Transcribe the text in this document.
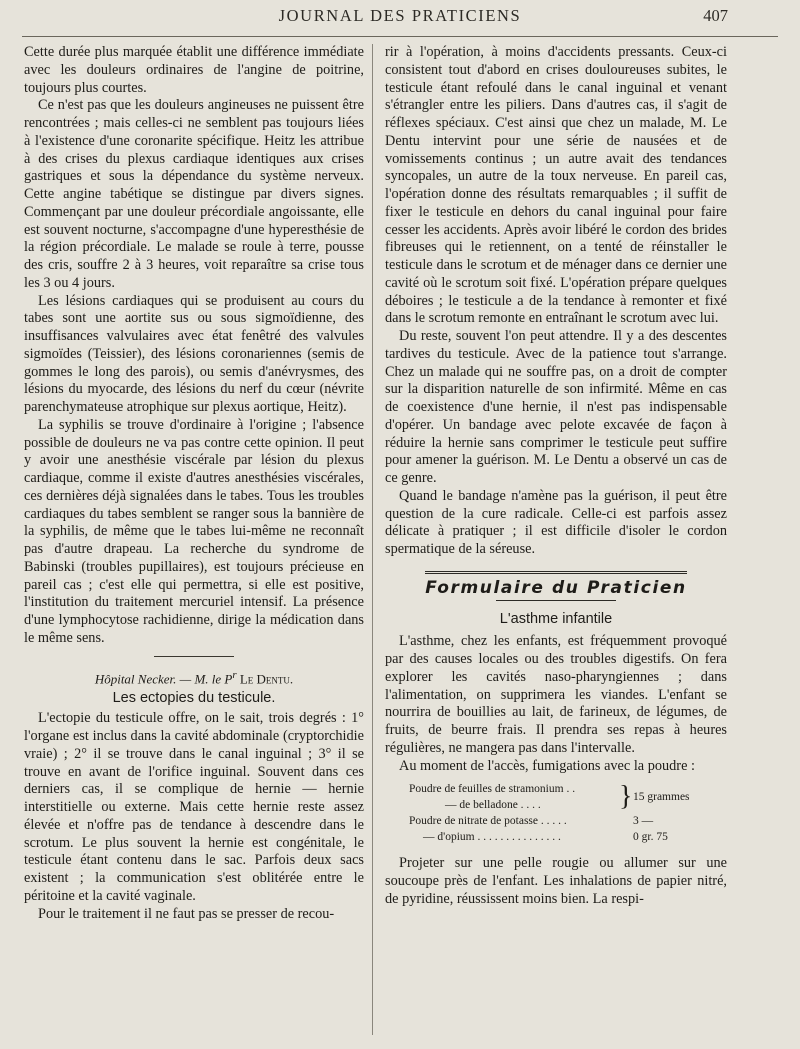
JOURNAL DES PRATICIENS	407

Cette durée plus marquée établit une différence immédiate avec les douleurs ordinaires de l'angine de poitrine, toujours plus courtes.

Ce n'est pas que les douleurs angineuses ne puissent être rencontrées ; mais celles-ci ne semblent pas toujours liées à l'existence d'une coronarite spécifique. Heitz les attribue à des crises du plexus cardiaque identiques aux crises gastriques et sous la dépendance du système nerveux. Cette angine tabétique se distingue par divers signes. Commençant par une douleur précordiale angoissante, elle est souvent nocturne, s'accompagne d'une hyperesthésie de la région précordiale. Le malade se roule à terre, pousse des cris, souffre 2 à 3 heures, voit reparaître sa crise tous les 3 ou 4 jours.

Les lésions cardiaques qui se produisent au cours du tabes sont une aortite sus ou sous sigmoïdienne, des insuffisances valvulaires avec état fenêtré des valvules sigmoïdes (Teissier), des lésions coronariennes (semis de gommes le long des parois), ou semis d'anévrysmes, des lésions du myocarde, des lésions du nerf du cœur (névrite parenchymateuse atrophique sur plexus aortique, Heitz).

La syphilis se trouve d'ordinaire à l'origine ; l'absence possible de douleurs ne va pas contre cette opinion. Il peut y avoir une anesthésie viscérale par lésion du plexus cardiaque, comme il existe d'autres anesthésies viscérales, ces dernières déjà signalées dans le tabes. Tous les troubles cardiaques du tabes semblent se ranger sous la bannière de la syphilis, de même que le tabes lui-même ne reconnaît pas d'autre drapeau. La recherche du syndrome de Babinski (troubles pupillaires), est toujours précieuse en pareil cas ; c'est elle qui permettra, si elle est positive, l'institution du traitement mercuriel intensif. La présence d'une lymphocytose rachidienne, dirige la médication dans le même sens.

Hôpital Necker. — M. le $P^r$ Le Dentu.
Les ectopies du testicule.

L'ectopie du testicule offre, on le sait, trois degrés : 1° l'organe est inclus dans la cavité abdominale (cryptorchidie vraie) ; 2° il se trouve dans le canal inguinal ; 3° il se trouve en avant de l'orifice inguinal. Souvent dans ces derniers cas, il se complique de hernie — hernie interstitielle ou externe. Mais cette hernie reste assez élevée et n'offre pas de tendance à descendre dans le scrotum. Le plus souvent la hernie est congénitale, le testicule étant contenu dans le sac. Parfois deux sacs existent ; la communication s'est oblitérée entre le péritoine et la cavité vaginale.

Pour le traitement il ne faut pas se presser de recou-

rir à l'opération, à moins d'accidents pressants. Ceux-ci consistent tout d'abord en crises douloureuses subites, le testicule étant refoulé dans le canal inguinal et venant s'étrangler entre les piliers. Dans d'autres cas, il s'agit de réflexes spéciaux. C'est ainsi que chez un malade, M. Le Dentu intervint pour une série de nausées et de vomissements continus ; un autre avait des tendances syncopales, un autre de la toux nerveuse. En pareil cas, l'opération donne des résultats remarquables ; il suffit de fixer le testicule en dehors du canal inguinal pour faire cesser les accidents. Après avoir libéré le cordon des brides fibreuses qui le retiennent, on a tenté de réinstaller le testicule dans le scrotum et de ménager dans ce dernier une cavité où le scrotum soit fixé. L'opération prépare quelques déboires ; le testicule a de la tendance à remonter et fixé dans le scrotum remonte en entraînant le scrotum avec lui.

Du reste, souvent l'on peut attendre. Il y a des descentes tardives du testicule. Avec de la patience tout s'arrange. Chez un malade qui ne souffre pas, on a droit de compter sur la disparition naturelle de son infirmité. Même en cas de coexistence d'une hernie, il n'est pas indispensable d'opérer. Un bandage avec pelote excavée de façon à réduire la hernie sans comprimer le testicule peut suffire pour amener la guérison. M. Le Dentu a observé un cas de ce genre.

Quand le bandage n'amène pas la guérison, il peut être question de la cure radicale. Celle-ci est parfois assez délicate à pratiquer ; il est difficile d'isoler le cordon spermatique de la séreuse.

Formulaire du Praticien
L'asthme infantile

L'asthme, chez les enfants, est fréquemment provoqué par des causes locales ou des troubles digestifs. On fera explorer les cavités naso-pharyngiennes ; dans l'alimentation, on supprimera les viandes. L'enfant se nourrira de bouillies au lait, de farineux, de légumes, de fruits, de beurre frais. Il prendra ses repas à heures régulières, ne mangera pas dans l'intervalle.

Au moment de l'accès, fumigations avec la poudre :

Poudre de feuilles de stramonium . . }
— de belladone . . . .
15 grammes
Poudre de nitrate de potasse . . . . .	3 —
— d'opium . . . . . . . . . . . . . . .	0 gr. 75

Projeter sur une pelle rougie ou allumer sur une soucoupe près de l'enfant. Les inhalations de papier nitré, de pyridine, réussissent moins bien. La respi-
